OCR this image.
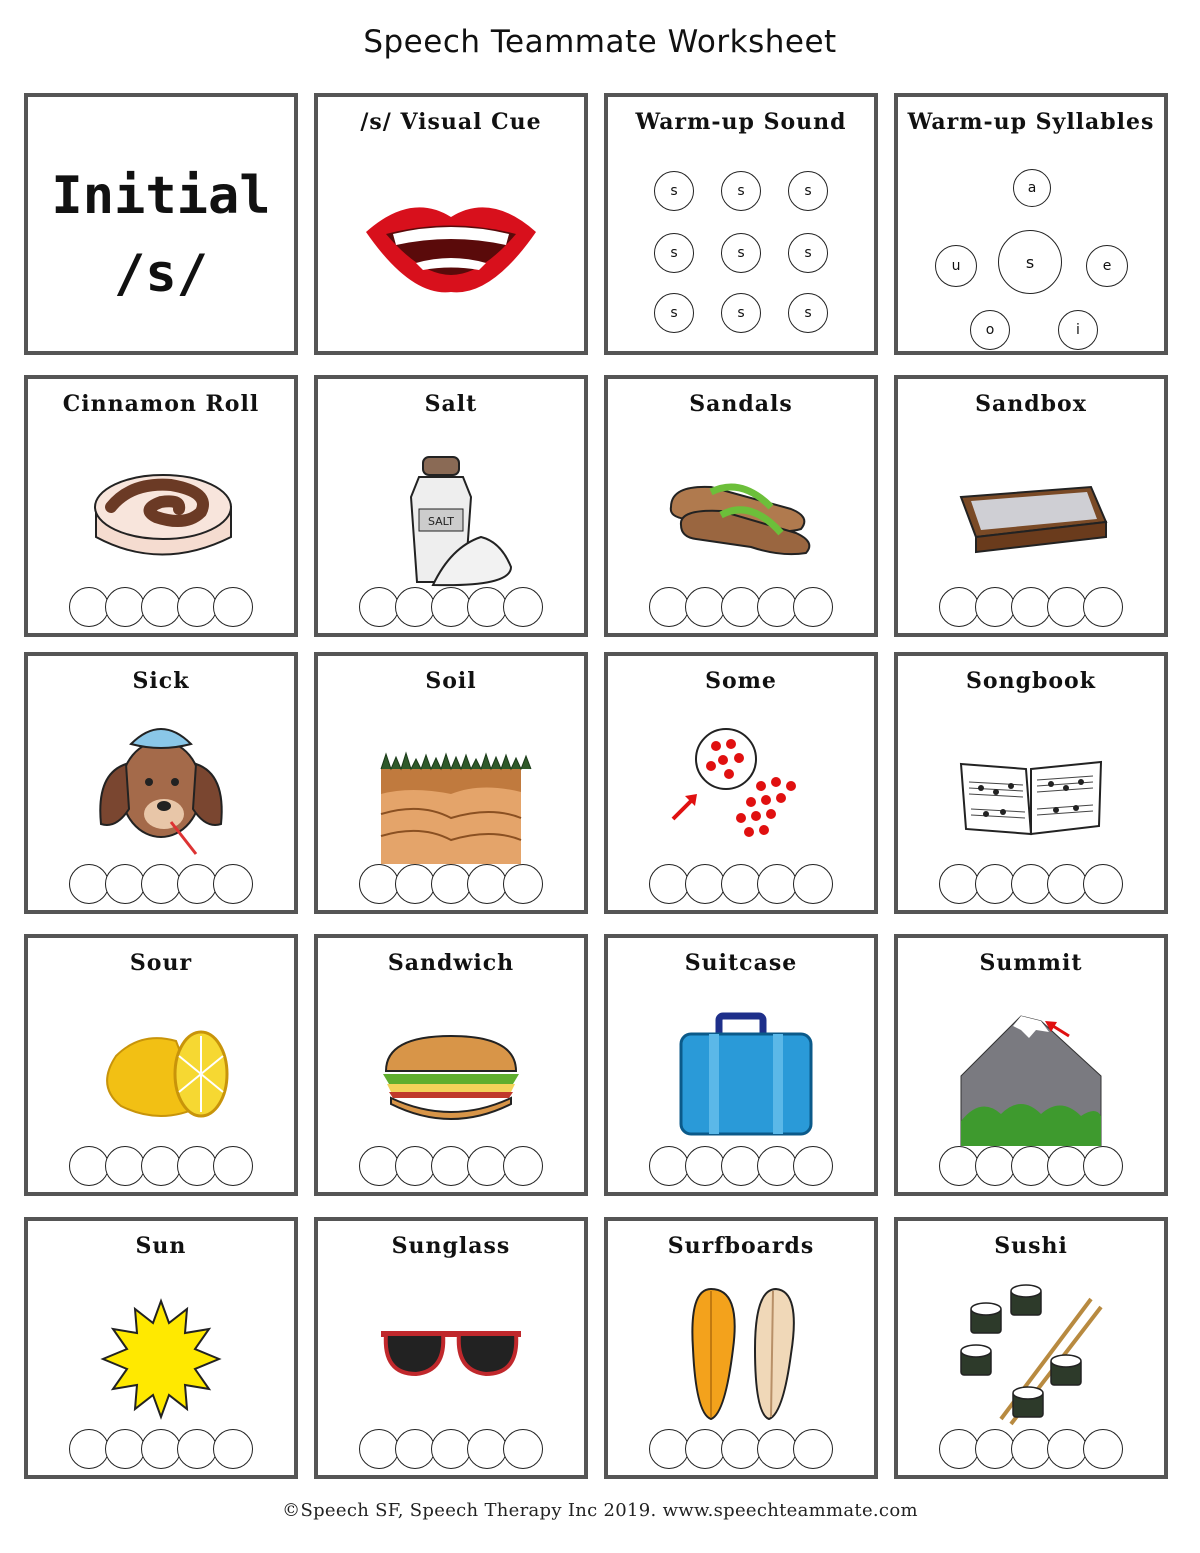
Speech Teammate Worksheet
Initial
/s/
/s/ Visual Cue	Warm-up Sound
s	s	s
s	s	s
s	s	s
Warm-up Syllables
a
e
i
o
u	s
Cinnamon Roll	Salt
SALT
Sandals	Sandbox
Sick	Soil	Some	Songbook
Sour	Sandwich	Suitcase	Summit
Sun	Sunglass	Surfboards	Sushi
©Speech SF, Speech Therapy Inc 2019. www.speechteammate.com
